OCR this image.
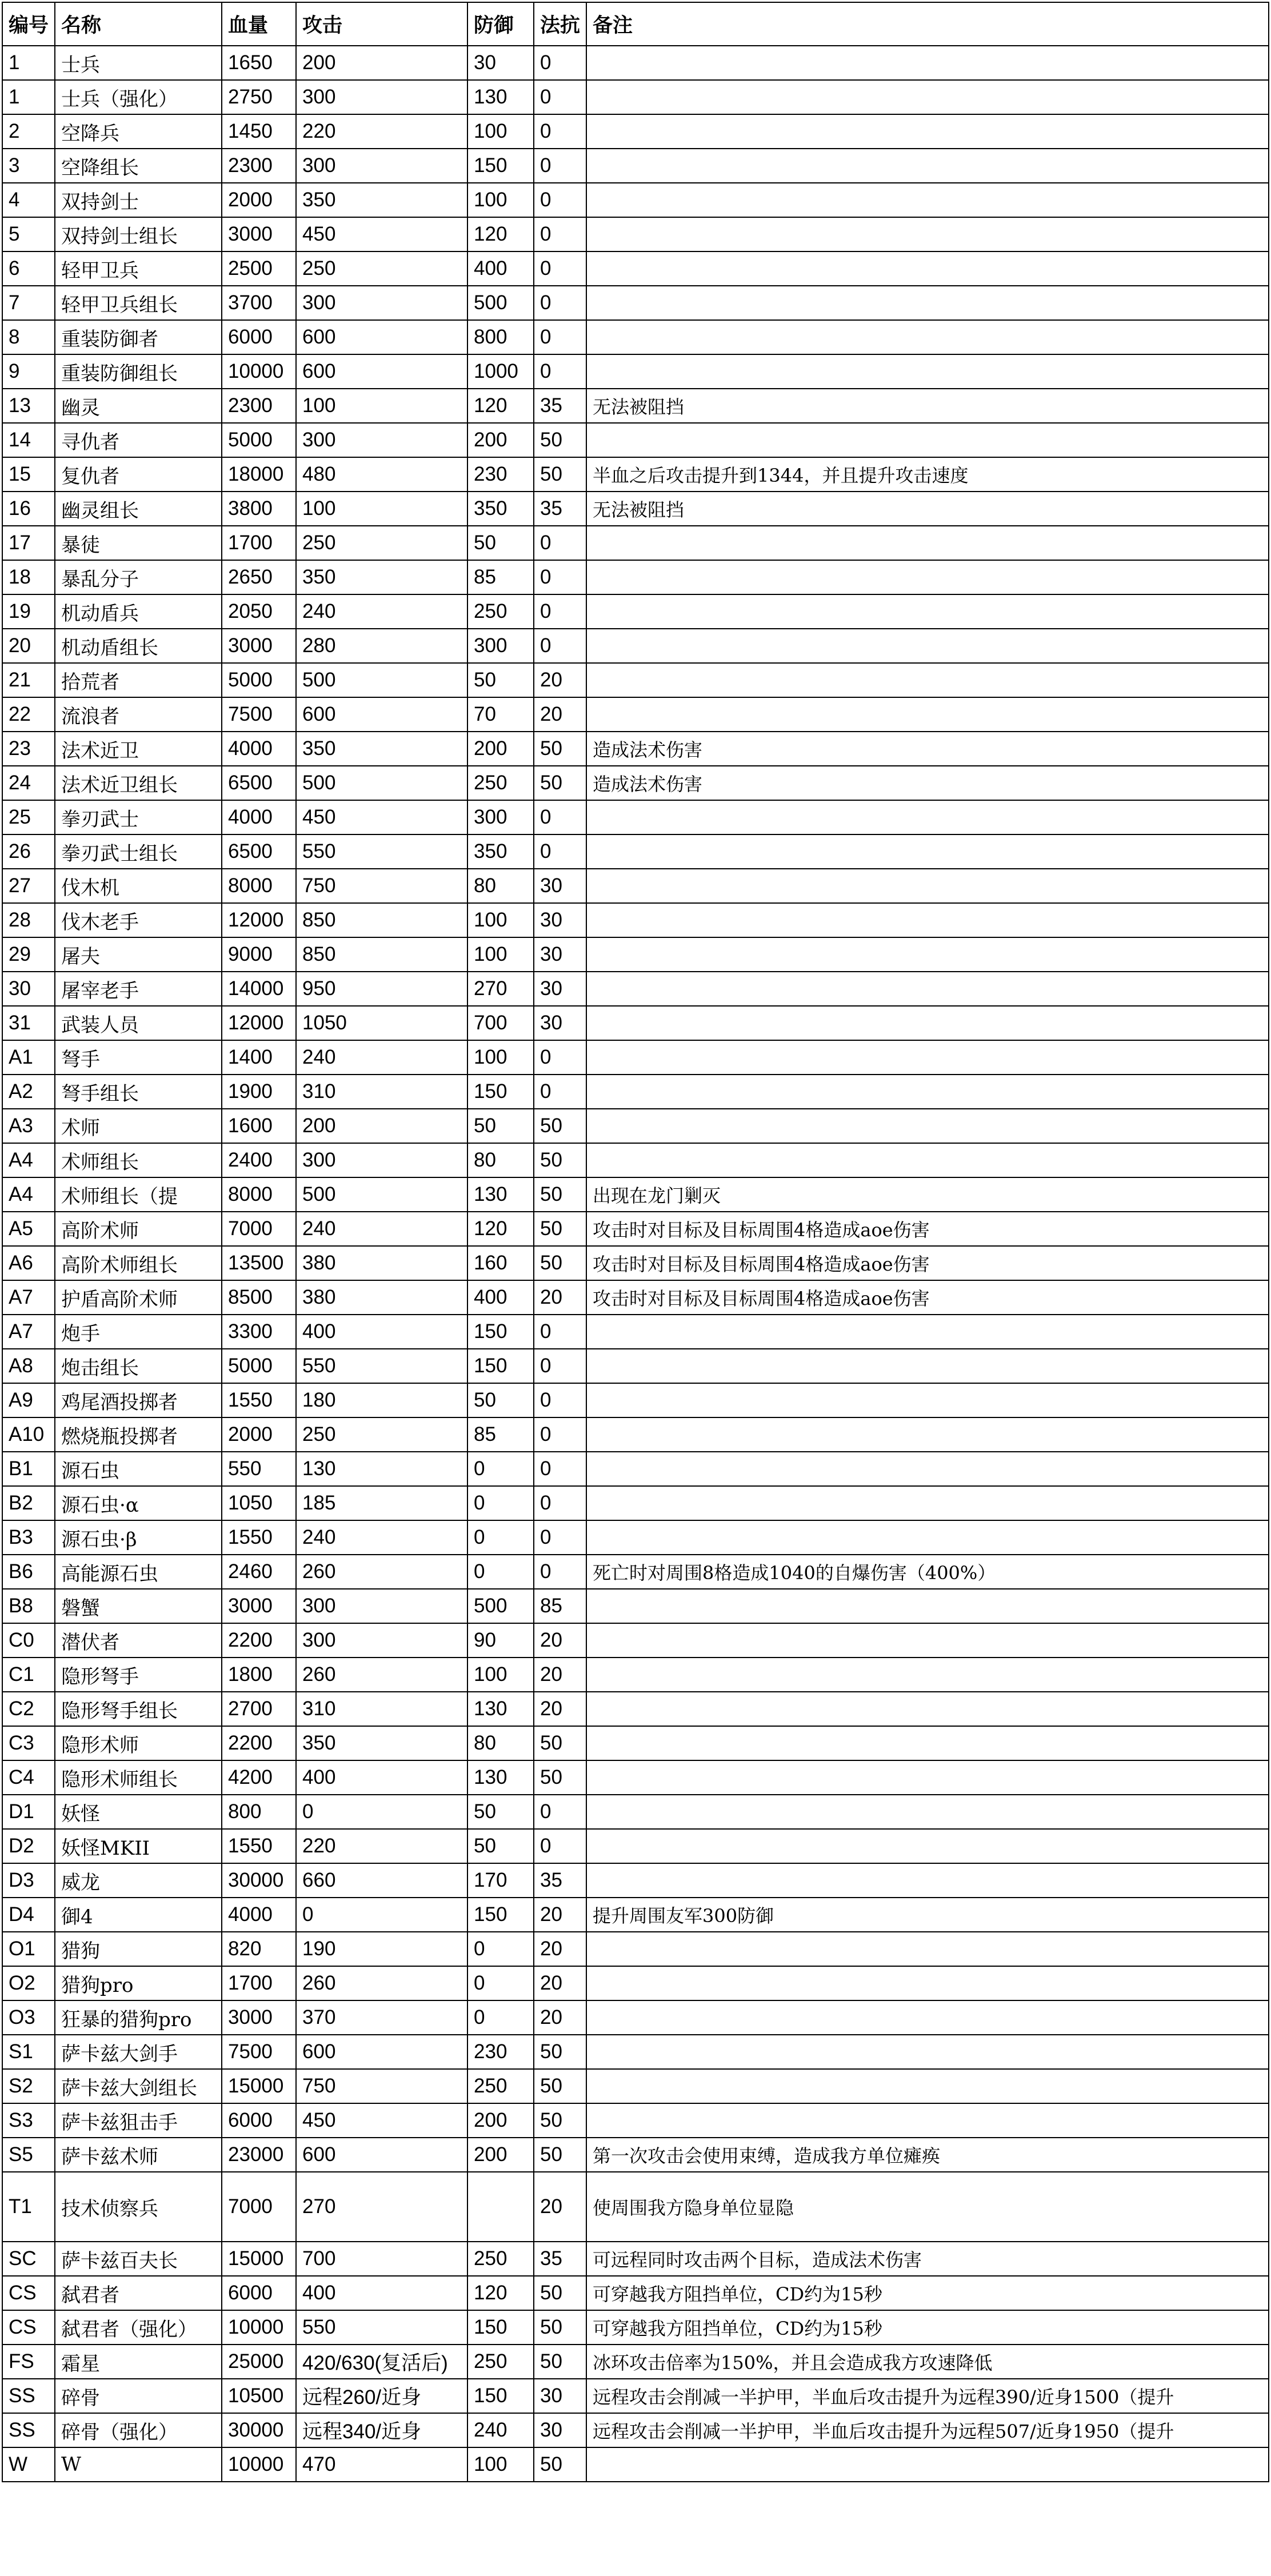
编号	名称	血量	攻击	防御	法抗	备注
1	士兵	1650	200	30	0	
1	士兵（强化）	2750	300	130	0	
2	空降兵	1450	220	100	0	
3	空降组长	2300	300	150	0	
4	双持剑士	2000	350	100	0	
5	双持剑士组长	3000	450	120	0	
6	轻甲卫兵	2500	250	400	0	
7	轻甲卫兵组长	3700	300	500	0	
8	重装防御者	6000	600	800	0	
9	重装防御组长	10000	600	1000	0	
13	幽灵	2300	100	120	35	无法被阻挡
14	寻仇者	5000	300	200	50	
15	复仇者	18000	480	230	50	半血之后攻击提升到1344，并且提升攻击速度
16	幽灵组长	3800	100	350	35	无法被阻挡
17	暴徒	1700	250	50	0	
18	暴乱分子	2650	350	85	0	
19	机动盾兵	2050	240	250	0	
20	机动盾组长	3000	280	300	0	
21	拾荒者	5000	500	50	20	
22	流浪者	7500	600	70	20	
23	法术近卫	4000	350	200	50	造成法术伤害
24	法术近卫组长	6500	500	250	50	造成法术伤害
25	拳刃武士	4000	450	300	0	
26	拳刃武士组长	6500	550	350	0	
27	伐木机	8000	750	80	30	
28	伐木老手	12000	850	100	30	
29	屠夫	9000	850	100	30	
30	屠宰老手	14000	950	270	30	
31	武装人员	12000	1050	700	30	
A1	弩手	1400	240	100	0	
A2	弩手组长	1900	310	150	0	
A3	术师	1600	200	50	50	
A4	术师组长	2400	300	80	50	
A4	术师组长（提	8000	500	130	50	出现在龙门剿灭
A5	高阶术师	7000	240	120	50	攻击时对目标及目标周围4格造成aoe伤害
A6	高阶术师组长	13500	380	160	50	攻击时对目标及目标周围4格造成aoe伤害
A7	护盾高阶术师	8500	380	400	20	攻击时对目标及目标周围4格造成aoe伤害
A7	炮手	3300	400	150	0	
A8	炮击组长	5000	550	150	0	
A9	鸡尾酒投掷者	1550	180	50	0	
A10	燃烧瓶投掷者	2000	250	85	0	
B1	源石虫	550	130	0	0	
B2	源石虫·α	1050	185	0	0	
B3	源石虫·β	1550	240	0	0	
B6	高能源石虫	2460	260	0	0	死亡时对周围8格造成1040的自爆伤害（400%）
B8	磐蟹	3000	300	500	85	
C0	潜伏者	2200	300	90	20	
C1	隐形弩手	1800	260	100	20	
C2	隐形弩手组长	2700	310	130	20	
C3	隐形术师	2200	350	80	50	
C4	隐形术师组长	4200	400	130	50	
D1	妖怪	800	0	50	0	
D2	妖怪MKII	1550	220	50	0	
D3	威龙	30000	660	170	35	
D4	御4	4000	0	150	20	提升周围友军300防御
O1	猎狗	820	190	0	20	
O2	猎狗pro	1700	260	0	20	
O3	狂暴的猎狗pro	3000	370	0	20	
S1	萨卡兹大剑手	7500	600	230	50	
S2	萨卡兹大剑组长	15000	750	250	50	
S3	萨卡兹狙击手	6000	450	200	50	
S5	萨卡兹术师	23000	600	200	50	第一次攻击会使用束缚，造成我方单位瘫痪
T1	技术侦察兵	7000	270		20	使周围我方隐身单位显隐
SC	萨卡兹百夫长	15000	700	250	35	可远程同时攻击两个目标，造成法术伤害
CS	弑君者	6000	400	120	50	可穿越我方阻挡单位，CD约为15秒
CS	弑君者（强化）	10000	550	150	50	可穿越我方阻挡单位，CD约为15秒
FS	霜星	25000	420/630(复活后)	250	50	冰环攻击倍率为150%，并且会造成我方攻速降低
SS	碎骨	10500	远程260/近身	150	30	远程攻击会削减一半护甲，半血后攻击提升为远程390/近身1500（提升
SS	碎骨（强化）	30000	远程340/近身	240	30	远程攻击会削减一半护甲，半血后攻击提升为远程507/近身1950（提升
W	W	10000	470	100	50	
